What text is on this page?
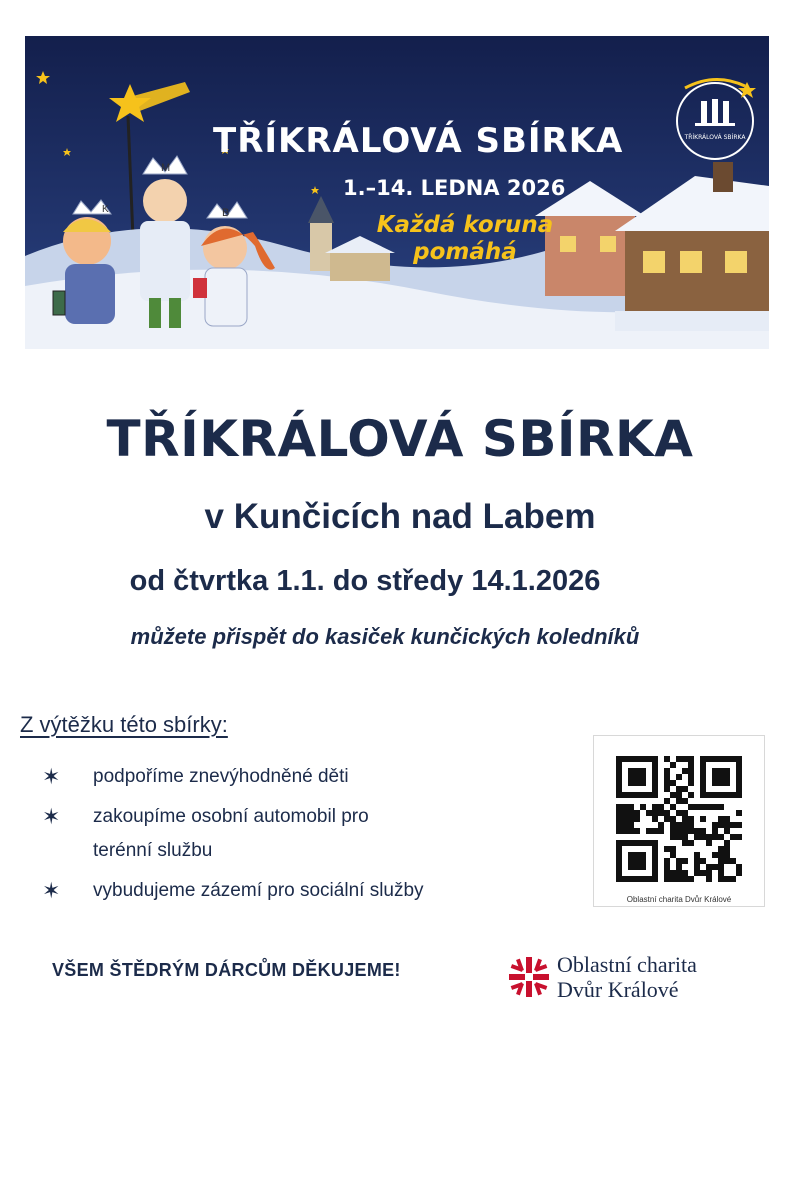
K
M
B
TŘÍKRÁLOVÁ SBÍRKA
TŘÍKRÁLOVÁ SBÍRKA
1.–14. LEDNA 2026
Každá koruna pomáhá
TŘÍKRÁLOVÁ SBÍRKA
v Kunčicích nad Labem
od čtvrtka 1.1. do středy 14.1.2026
můžete přispět do kasiček kunčických koledníků
Z výtěžku této sbírky:
✶ podpoříme znevýhodněné děti
✶ zakoupíme osobní automobil pro
terénní službu
✶ vybudujeme zázemí pro sociální služby	Oblastní charita Dvůr Králové
VŠEM ŠTĚDRÝM DÁRCŮM DĚKUJEME!	Oblastní charita
Dvůr Králové
